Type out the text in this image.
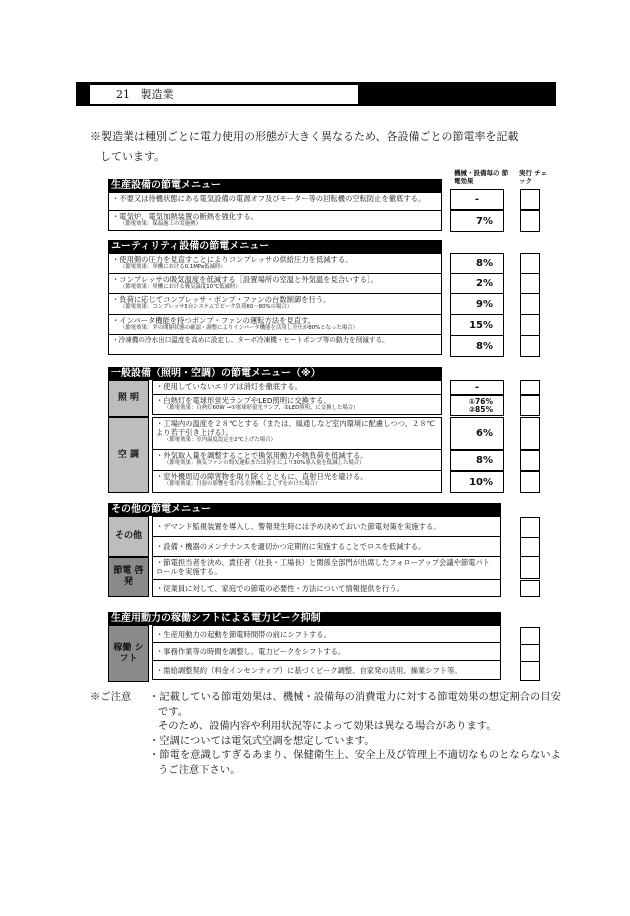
21 製造業
※製造業は種別ごとに電力使用の形態が大きく異なるため、各設備ごとの節電率を記載
しています。
機械・設備毎の 節電効果
実行 チェック
生産設備の節電メニュー
・不要又は待機状態にある電気設備の電源オフ及びモーター等の回転機の空転防止を徹底する。	-
・電気炉、電気加熱装置の断熱を強化する。
（節電効果：保温施工の実施例）	7%
ユーティリティ設備の節電メニュー
・使用側の圧力を見直すことによりコンプレッサの供給圧力を低減する。
（節電効果：単機における0.1MPa低減時）	8%
・コンプレッサの吸気温度を低減する［設置場所の室温と外気温を見合いする］。
（節電効果：単機における吸気温度10℃低減時）	2%
・負荷に応じてコンプレッサ・ポンプ・ファンの台数制御を行う。
（節電効果：コンプレッサ5台システムでピーク負荷60～80%の場合）	9%
・インバータ機能を持つポンプ・ファンの運転方法を見直す。
（節電効果：弁の開閉状態の確認・調整によりインバータ機能を活用し全圧が80%となった場合）	15%
・冷凍機の冷水出口温度を高めに設定し、ターボ冷凍機・ヒートポンプ等の動力を削減する。
8%
一般設備（照明・空調）の節電メニュー（※）
照 明
空 調
・使用していないエリアは消灯を徹底する。	-
・白熱灯を電球形蛍光ランプやLED照明に交換する。
（節電効果：白熱灯60W →①電球形蛍光ランプ、②LED照明、に交換した場合）
①76%
②85%
・工場内の温度を２８℃とする（または、風通しなど室内環境に配慮しつつ、２８℃より若干引き上げる）。
（節電効果：室内温度設定を2℃上げた場合）
6%
・外気取入量を調整することで換気用動力や熱負荷を低減する。
（節電効果：換気ファンの間欠運転または停止により30%導入量を低減した場合）	8%
・室外機周辺の障害物を取り除くとともに、直射日光を避ける。
（節電効果：日射の影響を受ける室外機によしずをかけた場合）	10%
その他の節電メニュー
その他
節電 啓発
・デマンド監視装置を導入し、警報発生時には予め決めておいた節電対策を実施する。
・設備・機器のメンテナンスを適切かつ定期的に実施することでロスを低減する。
・節電担当者を決め、責任者（社長・工場長）と関係全部門が出席したフォローアップ会議や節電パトロールを実施する。
・従業員に対して、家庭での節電の必要性・方法について情報提供を行う。
生産用動力の稼働シフトによる電力ピーク抑制
稼働 シフト
・生産用動力の起動を節電時間帯の前にシフトする。
・事務作業等の時間を調整し、電力ピークをシフトする。
・需給調整契約（料金インセンティブ）に基づくピーク調整、自家発の活用、操業シフト等。
※ご注意 ・記載している節電効果は、機械・設備毎の消費電力に対する節電効果の想定割合の目安です。
そのため、設備内容や利用状況等によって効果は異なる場合があります。
・空調については電気式空調を想定しています。
・節電を意識しすぎるあまり、保健衛生上、安全上及び管理上不適切なものとならないようご注意下さい。
